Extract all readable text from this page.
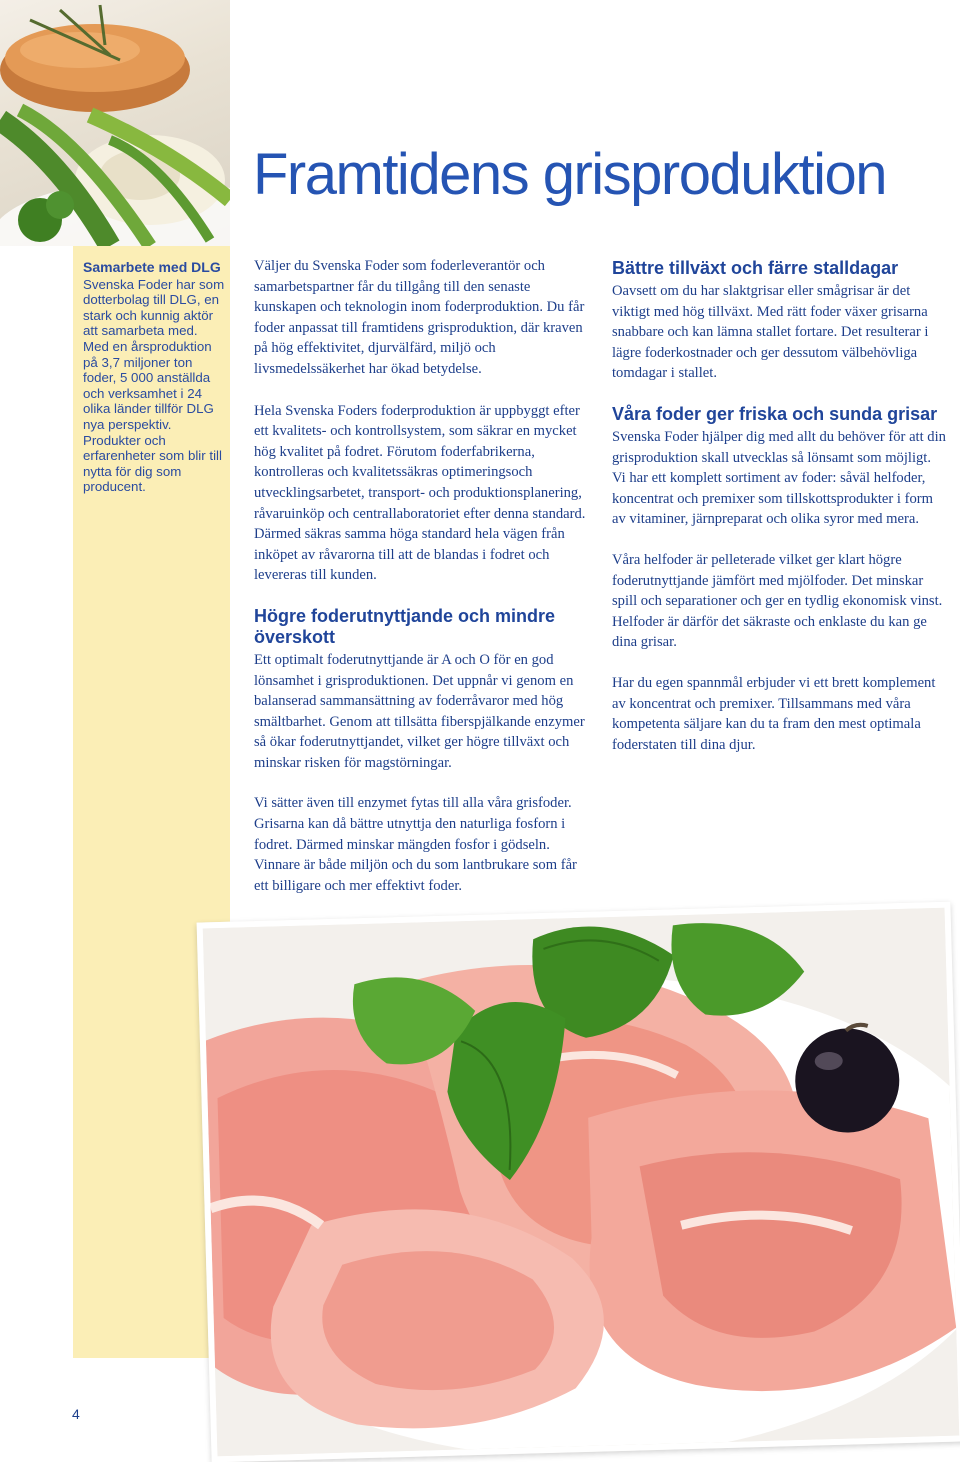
Samarbete med DLG
Svenska Foder har som dotterbolag till DLG, en stark och kunnig aktör att samarbeta med. Med en årsproduktion på 3,7 miljoner ton foder, 5 000 anställda och verksamhet i 24 olika länder tillför DLG nya perspektiv. Produkter och erfarenheter som blir till nytta för dig som producent.
Framtidens grisproduktion

Väljer du Svenska Foder som foderleverantör och samarbetspartner får du tillgång till den senaste kunskapen och teknologin inom foderproduktion. Du får foder anpassat till framtidens grisproduktion, där kraven på hög effektivitet, djurvälfärd, miljö och livsmedelssäkerhet har ökad betydelse.

Hela Svenska Foders foderproduktion är uppbyggt efter ett kvalitets- och kontrollsystem, som säkrar en mycket hög kvalitet på fodret. Förutom foderfabrikerna, kontrolleras och kvalitetssäkras optimeringsoch utvecklingsarbetet, transport- och produktionsplanering, råvaruinköp och centrallaboratoriet efter denna standard. Därmed säkras samma höga standard hela vägen från inköpet av råvarorna till att de blandas i fodret och levereras till kunden.

Högre foderutnyttjande och mindre överskott

Ett optimalt foderutnyttjande är A och O för en god lönsamhet i grisproduktionen. Det uppnår vi genom en balanserad sammansättning av foderråvaror med hög smältbarhet. Genom att tillsätta fiberspjälkande enzymer så ökar foderutnyttjandet, vilket ger högre tillväxt och minskar risken för magstörningar.

Vi sätter även till enzymet fytas till alla våra grisfoder. Grisarna kan då bättre utnyttja den naturliga fosforn i fodret. Därmed minskar mängden fosfor i gödseln. Vinnare är både miljön och du som lantbrukare som får ett billigare och mer effektivt foder.

Bättre tillväxt och färre stalldagar

Oavsett om du har slaktgrisar eller smågrisar är det viktigt med hög tillväxt. Med rätt foder växer grisarna snabbare och kan lämna stallet fortare. Det resulterar i lägre foderkostnader och ger dessutom välbehövliga tomdagar i stallet.

Våra foder ger friska och sunda grisar

Svenska Foder hjälper dig med allt du behöver för att din grisproduktion skall utvecklas så lönsamt som möjligt. Vi har ett komplett sortiment av foder: såväl helfoder, koncentrat och premixer som tillskottsprodukter i form av vitaminer, järnpreparat och olika syror med mera.

Våra helfoder är pelleterade vilket ger klart högre foderutnyttjande jämfört med mjölfoder. Det minskar spill och separationer och ger en tydlig ekonomisk vinst. Helfoder är därför det säkraste och enklaste du kan ge dina grisar.

Har du egen spannmål erbjuder vi ett brett komplement av koncentrat och premixer. Tillsammans med våra kompetenta säljare kan du ta fram den mest optimala foderstaten till dina djur.

4
